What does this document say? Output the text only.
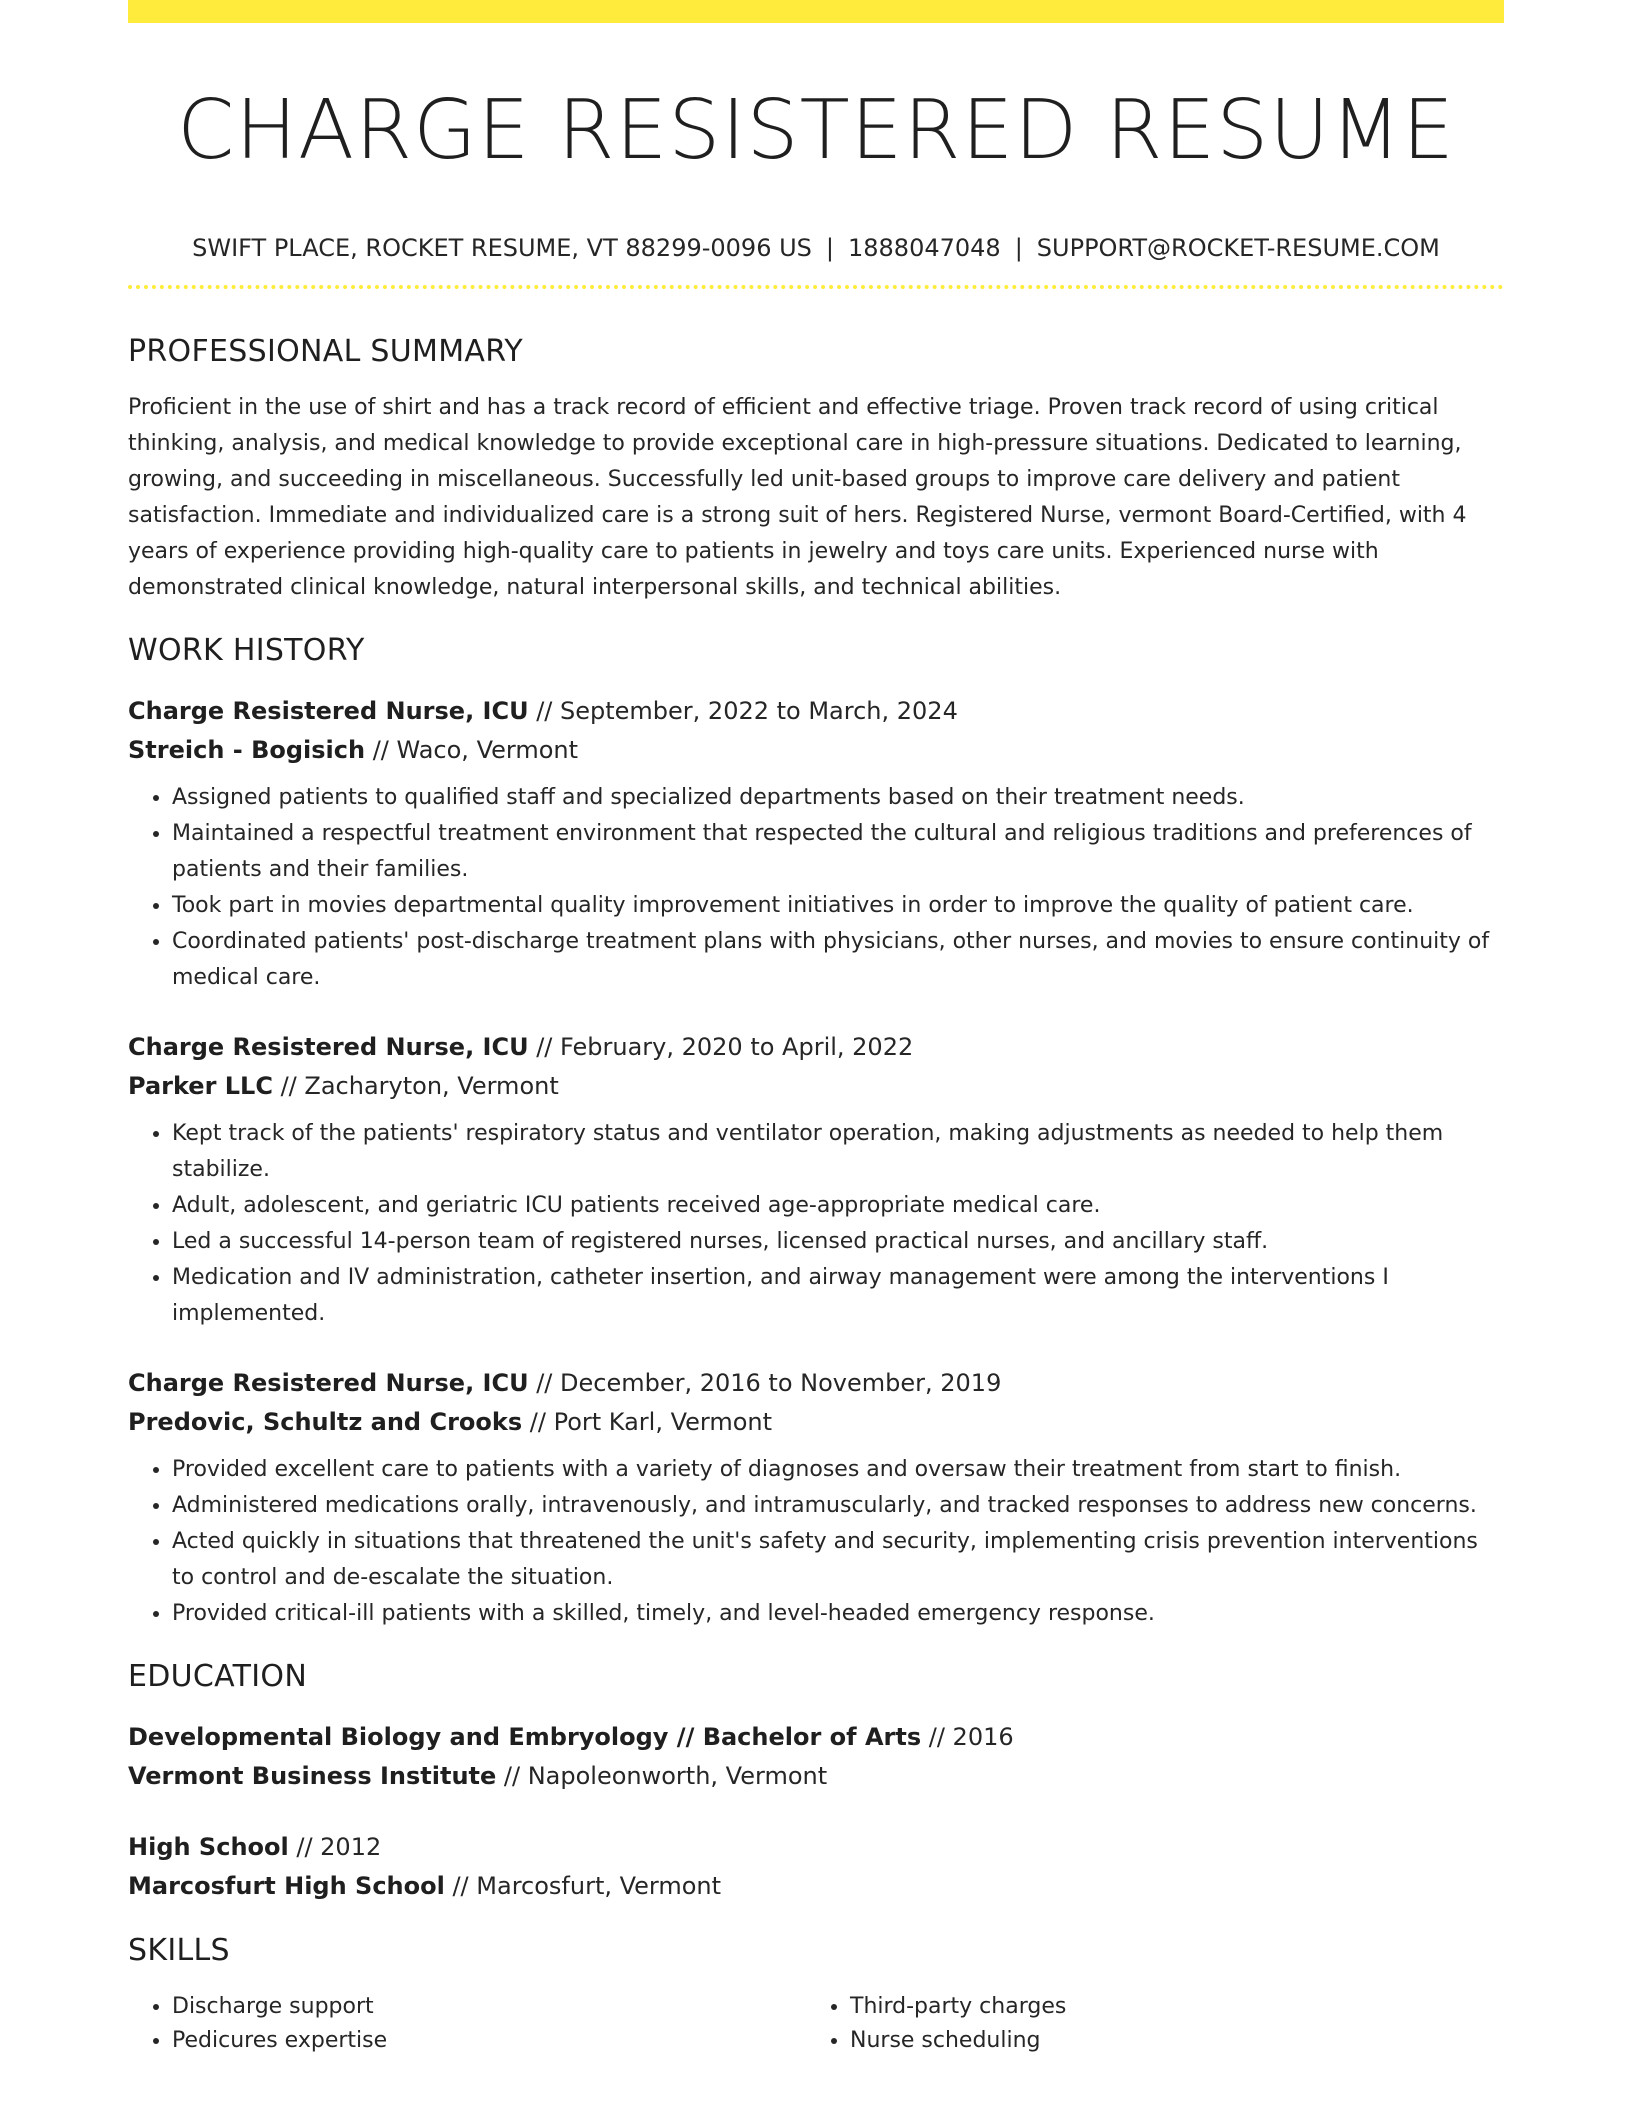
CHARGE RESISTERED RESUME
SWIFT PLACE, ROCKET RESUME, VT 88299-0096 US | 1888047048 | SUPPORT@ROCKET-RESUME.COM
PROFESSIONAL SUMMARY

Proficient in the use of shirt and has a track record of efficient and effective triage. Proven track record of using critical thinking, analysis, and medical knowledge to provide exceptional care in high-pressure situations. Dedicated to learning, growing, and succeeding in miscellaneous. Successfully led unit-based groups to improve care delivery and patient satisfaction. Immediate and individualized care is a strong suit of hers. Registered Nurse, vermont Board-Certified, with 4 years of experience providing high-quality care to patients in jewelry and toys care units. Experienced nurse with demonstrated clinical knowledge, natural interpersonal skills, and technical abilities.

WORK HISTORY
Charge Resistered Nurse, ICU // September, 2022 to March, 2024
Streich - Bogisich // Waco, Vermont
• Assigned patients to qualified staff and specialized departments based on their treatment needs.
• Maintained a respectful treatment environment that respected the cultural and religious traditions and preferences of patients and their families.
• Took part in movies departmental quality improvement initiatives in order to improve the quality of patient care.
• Coordinated patients' post-discharge treatment plans with physicians, other nurses, and movies to ensure continuity of medical care.
Charge Resistered Nurse, ICU // February, 2020 to April, 2022
Parker LLC // Zacharyton, Vermont
• Kept track of the patients' respiratory status and ventilator operation, making adjustments as needed to help them stabilize.
• Adult, adolescent, and geriatric ICU patients received age-appropriate medical care.
• Led a successful 14-person team of registered nurses, licensed practical nurses, and ancillary staff.
• Medication and IV administration, catheter insertion, and airway management were among the interventions I implemented.
Charge Resistered Nurse, ICU // December, 2016 to November, 2019
Predovic, Schultz and Crooks // Port Karl, Vermont
• Provided excellent care to patients with a variety of diagnoses and oversaw their treatment from start to finish.
• Administered medications orally, intravenously, and intramuscularly, and tracked responses to address new concerns.
• Acted quickly in situations that threatened the unit's safety and security, implementing crisis prevention interventions to control and de-escalate the situation.
• Provided critical-ill patients with a skilled, timely, and level-headed emergency response.
EDUCATION
Developmental Biology and Embryology // Bachelor of Arts // 2016
Vermont Business Institute // Napoleonworth, Vermont
High School // 2012
Marcosfurt High School // Marcosfurt, Vermont
SKILLS
• Discharge support
• Pedicures expertise
• Third-party charges
• Nurse scheduling
